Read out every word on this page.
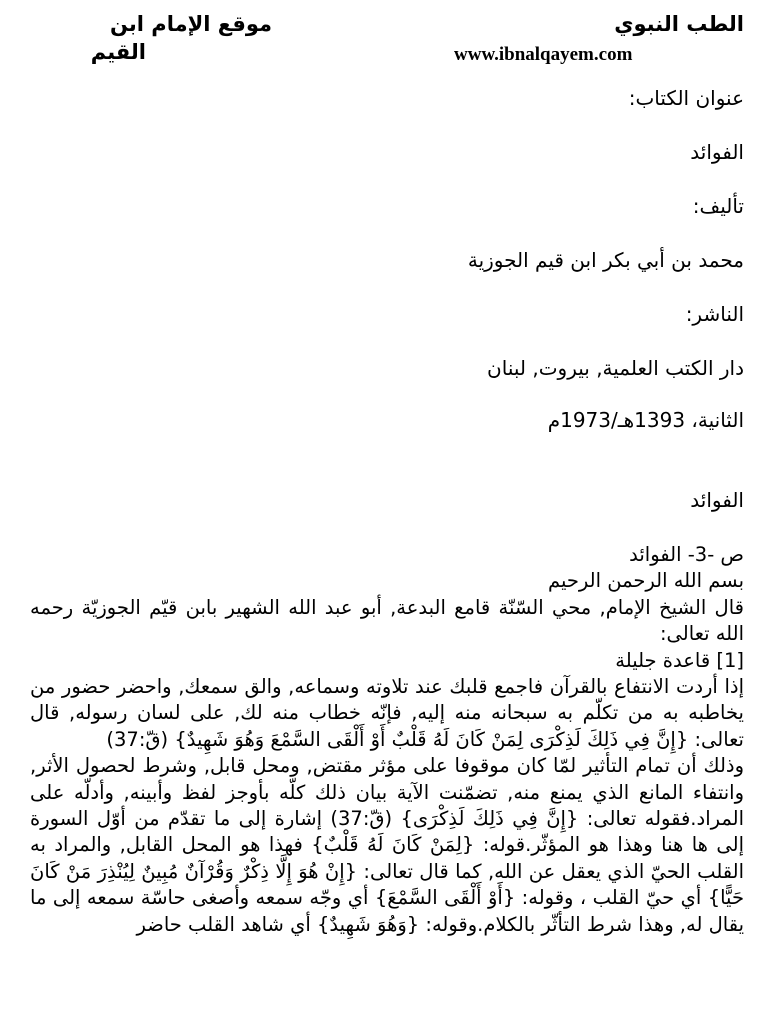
الطب النبوي
موقع الإمام ابن
القيم	www.ibnalqayem.com
عنوان الكتاب:
الفوائد
تأليف:
محمد بن أبي بكر ابن قيم الجوزية
الناشر:
دار الكتب العلمية, بيروت, لبنان
الثانية، 1393هـ/1973م
الفوائد

ص -3- الفوائد

بسم الله الرحمن الرحيم

قال الشيخ الإمام, محي السّنّة قامع البدعة, أبو عبد الله الشهير بابن قيّم الجوزيّة رحمه الله تعالى:

[1] قاعدة جليلة

إذا أردت الانتفاع بالقرآن فاجمع قلبك عند تلاوته وسماعه, والق سمعك, واحضر حضور من يخاطبه به من تكلّم به سبحانه منه إليه, فإنّه خطاب منه لك, على لسان رسوله, قال تعالى: {إِنَّ فِي ذَلِكَ لَذِكْرَى لِمَنْ كَانَ لَهُ قَلْبٌ أَوْ أَلْقَى السَّمْعَ وَهُوَ شَهِيدٌ} (قّ:37)

وذلك أن تمام التأثير لمّا كان موقوفا على مؤثر مقتض, ومحل قابل, وشرط لحصول الأثر, وانتفاء المانع الذي يمنع منه, تضمّنت الآية بيان ذلك كلّه بأوجز لفظ وأبينه, وأدلّه على المراد.فقوله تعالى: {إِنَّ فِي ذَلِكَ لَذِكْرَى} (قّ:37) إشارة إلى ما تقدّم من أوّل السورة إلى ها هنا وهذا هو المؤثّر.قوله: {لِمَنْ كَانَ لَهُ قَلْبٌ} فهذا هو المحل القابل, والمراد به القلب الحيّ الذي يعقل عن الله, كما قال تعالى: {إِنْ هُوَ إِلَّا ذِكْرٌ وَقُرْآنٌ مُبِينٌ لِيُنْذِرَ مَنْ كَانَ حَيًّا} أي حيّ القلب ، وقوله: {أَوْ أَلْقَى السَّمْعَ} أي وجّه سمعه وأصغى حاسّة سمعه إلى ما يقال له, وهذا شرط التأثّر بالكلام.وقوله: {وَهُوَ شَهِيدٌ} أي شاهد القلب حاضر
